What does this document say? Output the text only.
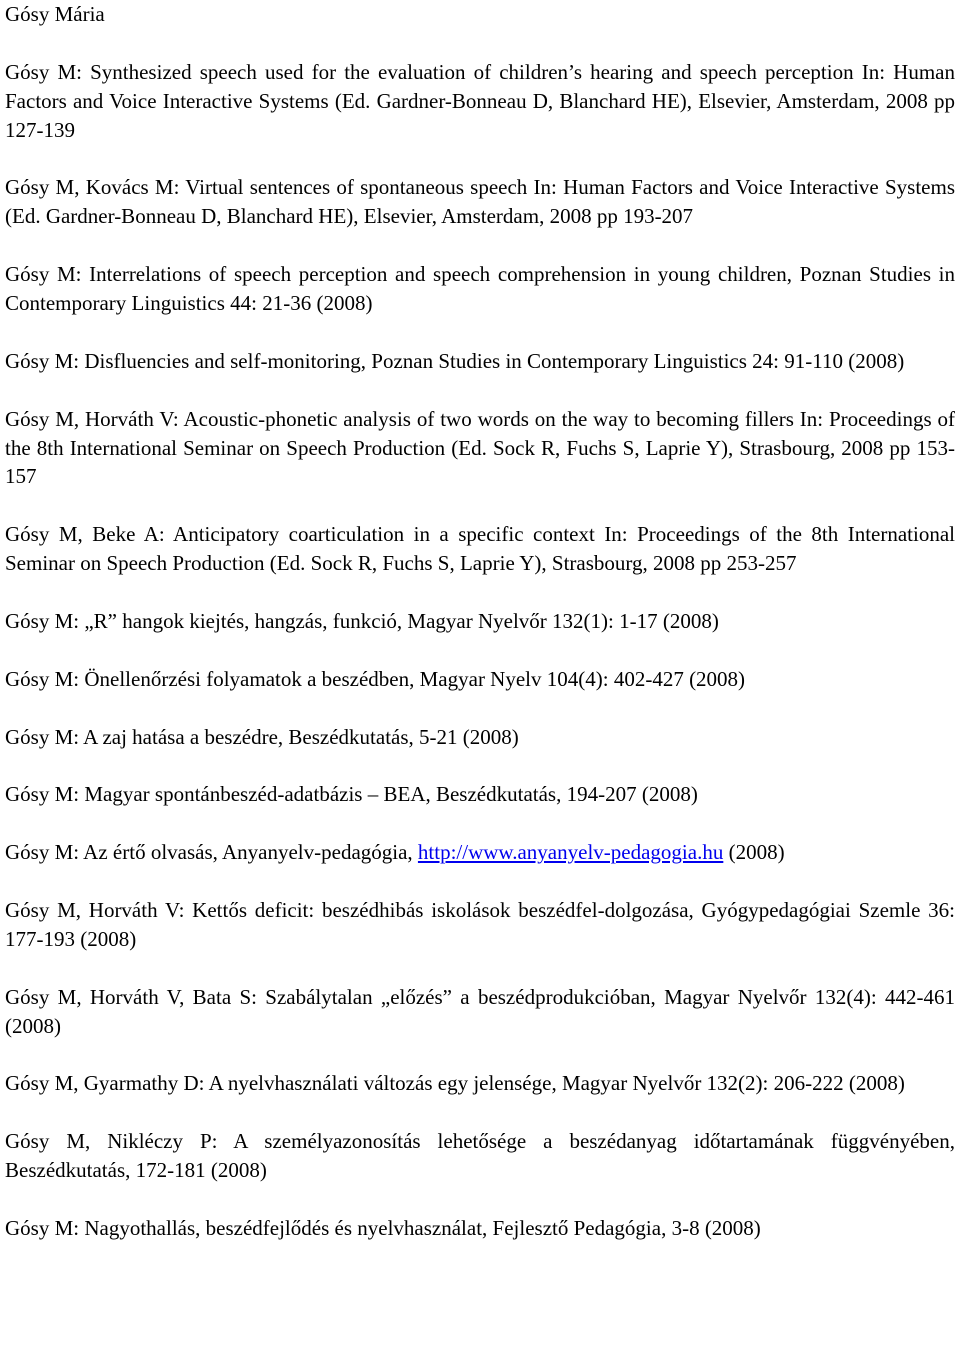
Gósy Mária
Gósy M: Synthesized speech used for the evaluation of children’s hearing and speech perception In: Human Factors and Voice Interactive Systems (Ed. Gardner-Bonneau D, Blanchard HE), Elsevier, Amsterdam, 2008 pp 127-139
Gósy M, Kovács M: Virtual sentences of spontaneous speech In: Human Factors and Voice Interactive Systems (Ed. Gardner-Bonneau D, Blanchard HE), Elsevier, Amsterdam, 2008 pp 193-207
Gósy M: Interrelations of speech perception and speech comprehension in young children, Poznan Studies in Contemporary Linguistics 44: 21-36 (2008)
Gósy M: Disfluencies and self-monitoring, Poznan Studies in Contemporary Linguistics 24: 91-110 (2008)
Gósy M, Horváth V: Acoustic-phonetic analysis of two words on the way to becoming fillers In: Proceedings of the 8th International Seminar on Speech Production (Ed. Sock R, Fuchs S, Laprie Y), Strasbourg, 2008 pp 153-157
Gósy M, Beke A: Anticipatory coarticulation in a specific context In: Proceedings of the 8th International Seminar on Speech Production (Ed. Sock R, Fuchs S, Laprie Y), Strasbourg, 2008 pp 253-257
Gósy M: „R” hangok kiejtés, hangzás, funkció, Magyar Nyelvőr 132(1): 1-17 (2008)
Gósy M: Önellenőrzési folyamatok a beszédben, Magyar Nyelv 104(4): 402-427 (2008)
Gósy M: A zaj hatása a beszédre, Beszédkutatás, 5-21 (2008)
Gósy M: Magyar spontánbeszéd-adatbázis – BEA, Beszédkutatás, 194-207 (2008)
Gósy M: Az értő olvasás, Anyanyelv-pedagógia, http://www.anyanyelv-pedagogia.hu (2008)
Gósy M, Horváth V: Kettős deficit: beszédhibás iskolások beszédfel-dolgozása, Gyógypedagógiai Szemle 36: 177-193 (2008)
Gósy M, Horváth V, Bata S: Szabálytalan „előzés” a beszédprodukcióban, Magyar Nyelvőr 132(4): 442-461 (2008)
Gósy M, Gyarmathy D: A nyelvhasználati változás egy jelensége, Magyar Nyelvőr 132(2): 206-222 (2008)
Gósy M, Nikléczy P: A személyazonosítás lehetősége a beszédanyag időtartamának függvényében, Beszédkutatás, 172-181 (2008)
Gósy M: Nagyothallás, beszédfejlődés és nyelvhasználat, Fejlesztő Pedagógia, 3-8 (2008)
